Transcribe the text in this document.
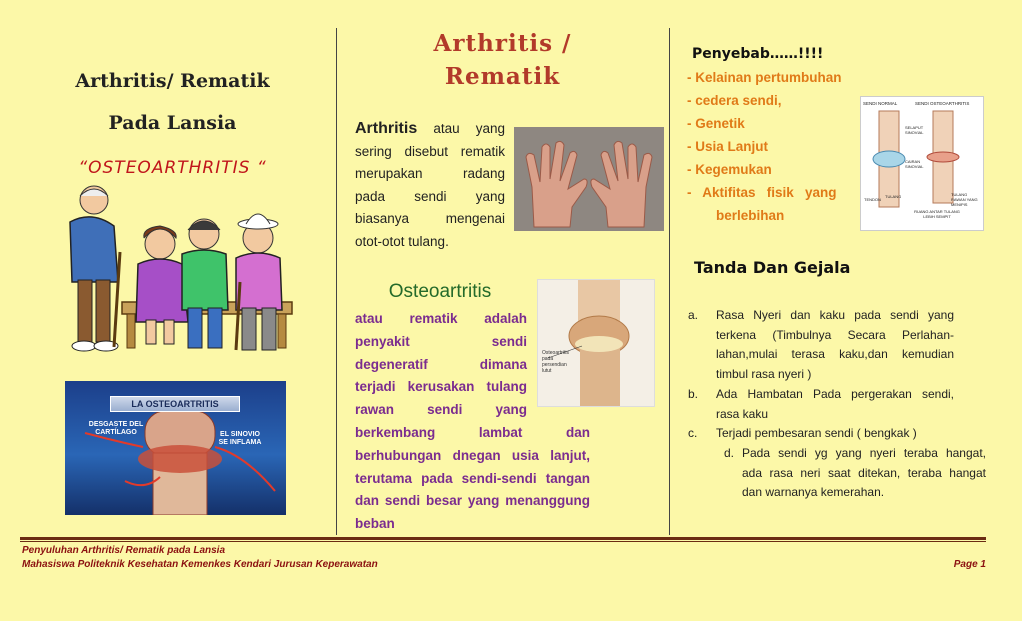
Arthritis/ Rematik
Pada Lansia
“OSTEOARTHRITIS “
LA OSTEOARTRITIS
DESGASTE DEL
CARTÍLAGO	EL SINOVIO
SE INFLAMA
Arthritis /
Rematik
Arthritis atau yang
sering disebut rematik
merupakan radang
pada sendi yang
biasanya mengenai
otot-otot tulang.
Osteoartritis
atau rematik adalah
penyakit sendi
degeneratif dimana
terjadi kerusakan tulang
rawan sendi yang
berkembang lambat dan
berhubungan dnegan usia lanjut,
terutama pada sendi-sendi tangan
dan sendi besar yang menanggung
beban
Osteoartritis pada persendian lutut
Penyebab……!!!!
- Kelainan pertumbuhan
- cedera sendi,
- Genetik
- Usia Lanjut
- Kegemukan
-   Aktifitas   fisik   yang
berlebihan
SENDI NORMAL	SENDI OSTEOARTHRITIS
SELAPUT SINOVIAL
CAIRAN SINOVIAL
TULANG	TULANG RAWAN YANG MENIPIS
TENDON
RUANG ANTAR TULANG LEBIH SEMPIT
Tanda Dan Gejala
a. Rasa Nyeri dan kaku pada sendi yang
terkena (Timbulnya Secara Perlahan-
lahan,mulai terasa kaku,dan kemudian
timbul rasa nyeri )
b. Ada Hambatan Pada pergerakan sendi,
rasa kaku
c. Terjadi pembesaran sendi ( bengkak )
d. Pada sendi yg yang nyeri teraba hangat,
ada rasa neri saat ditekan, teraba hangat
dan warnanya kemerahan.
Penyuluhan Arthritis/ Rematik pada Lansia
Mahasiswa Politeknik Kesehatan Kemenkes Kendari Jurusan Keperawatan	Page 1
